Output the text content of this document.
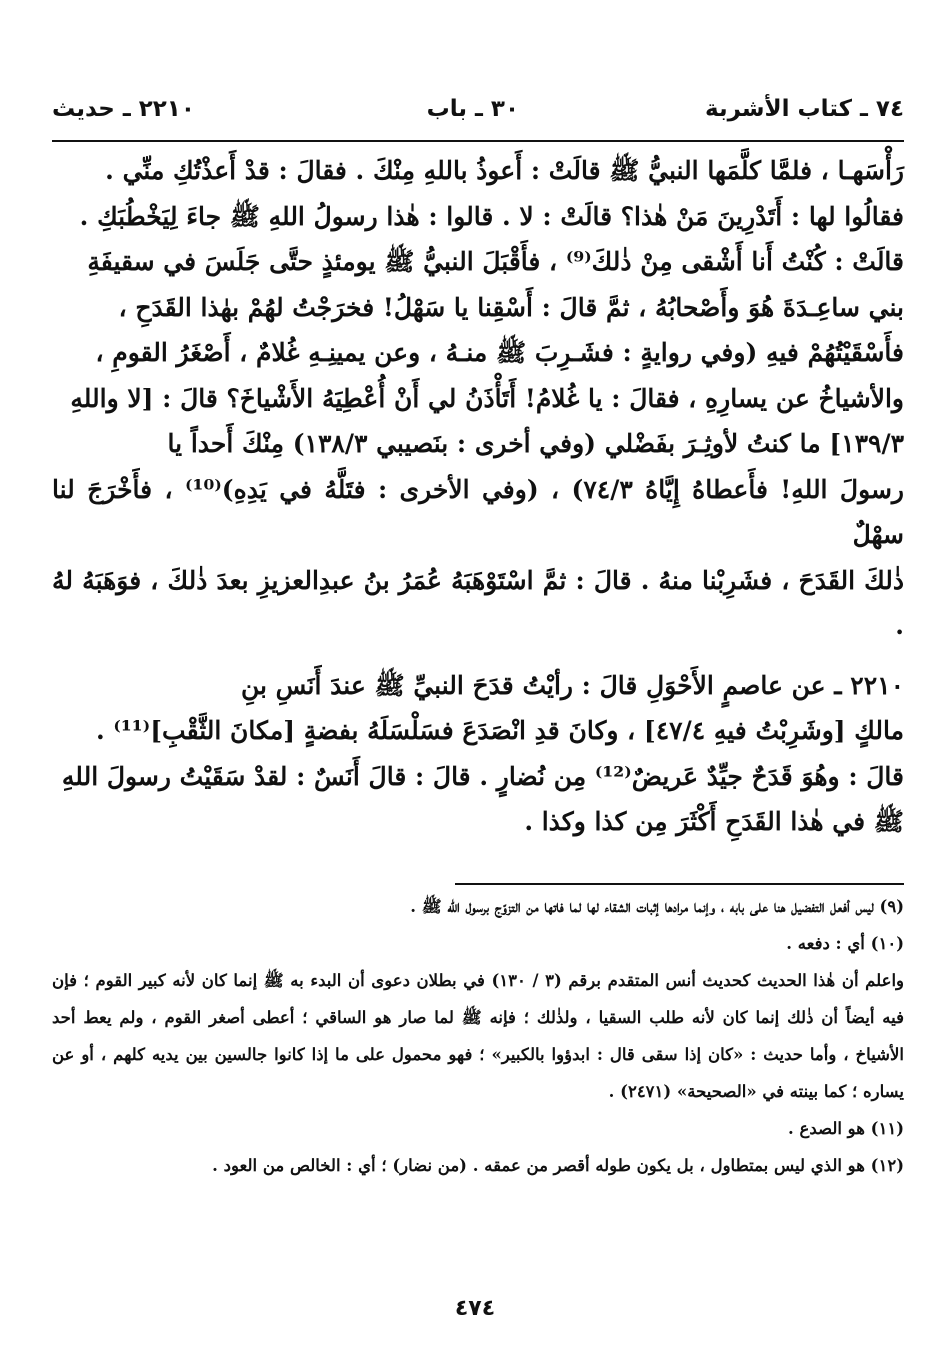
٧٤ ـ كتاب الأشربة
٣٠ ـ باب
٢٢١٠ ـ حديث

رَأْسَهـا ، فلمَّا كلَّمَها النبيُّ ﷺ قالَتْ : أَعوذُ باللهِ مِنْكَ . فقالَ : قدْ أَعذْتُكِ منِّي .

فقالُوا لها : أَتَدْرِينَ مَنْ هٰذا؟ قالَتْ : لا . قالوا : هٰذا رسولُ اللهِ ﷺ جاءَ لِيَخْطُبَكِ .

قالَتْ : كُنْتُ أَنا أَشْقى مِنْ ذٰلكَ⁽⁹⁾ ، فأَقْبَلَ النبيُّ ﷺ يومئذٍ حتَّى جَلَسَ في سقيفَةِ

بني ساعِـدَةَ هُوَ وأَصْحابُهُ ، ثمَّ قالَ : أَسْقِنا يا سَهْلُ! فخرَجْتُ لهُمْ بهٰذا القَدَحِ ،

فأَسْقَيْتُهُمْ فيهِ (وفي روايةٍ : فشَـرِبَ ﷺ منـهُ ، وعن يمينِـهِ غُلامٌ ، أَصْغَرُ القومِ ،

والأشياخُ عن يسارِهِ ، فقالَ : يا غُلامُ! أَتَأْذَنُ لي أَنْ أُعْطِيَهُ الأَشْياخَ؟ قالَ : [لا واللهِ

١٣٩/٣] ما كنتُ لأوثِـرَ بفَضْلي (وفي أخرى : بنَصيبي ١٣٨/٣) مِنْكَ أَحداً يا

رسولَ اللهِ! فأَعطاهُ إِيَّاهُ ٧٤/٣) ، (وفي الأخرى : فتَلَّهُ في يَدِهِ)⁽¹⁰⁾ ، فأَخْرَجَ لنا سهْلٌ

ذٰلكَ القَدَحَ ، فشَرِبْنا منهُ . قالَ : ثمَّ اسْتَوْهَبَهُ عُمَرُ بنُ عبدِالعزيزِ بعدَ ذٰلكَ ، فوَهَبَهُ لهُ .

٢٢١٠ ـ عن عاصمٍ الأَحْوَلِ قالَ : رأيْتُ قدَحَ النبيِّ ﷺ عندَ أَنَسِ بنِ

مالكٍ [وشَرِبْتُ فيهِ ٤٧/٤] ، وكانَ قدِ انْصَدَعَ فسَلْسَلَهُ بفضةٍ [مكانَ الثَّقْبِ]⁽¹¹⁾ .

قالَ : وهُوَ قَدَحٌ جيِّدٌ عَريضٌ⁽¹²⁾ مِن نُضارٍ . قالَ : قالَ أَنَسٌ : لقدْ سَقَيْتُ رسولَ اللهِ

ﷺ في هٰذا القَدَحِ أَكْثَرَ مِن كذا وكذا .

(٩) ليس أفعل التفضيل هنا على بابه ، وإنما مرادها إثبات الشقاء لها لما فاتها من التزوّج برسول الله ﷺ .

(١٠) أي : دفعه .

واعلم أن هٰذا الحديث كحديث أنس المتقدم برقم (٣ / ١٣٠) في بطلان دعوى أن البدء به ﷺ إنما كان لأنه كبير القوم ؛ فإن فيه أيضاً أن ذٰلك إنما كان لأنه طلب السقيا ، ولذٰلك ؛ فإنه ﷺ لما صار هو الساقي ؛ أعطى أصغر القوم ، ولم يعط أحد الأشياخ ، وأما حديث : «كان إذا سقى قال : ابدؤوا بالكبير» ؛ فهو محمول على ما إذا كانوا جالسين بين يديه كلهم ، أو عن يساره ؛ كما بينته في «الصحيحة» (٢٤٧١) .

(١١) هو الصدع .

(١٢) هو الذي ليس بمتطاول ، بل يكون طوله أقصر من عمقه . (من نضار) ؛ أي : الخالص من العود .

٤٧٤
